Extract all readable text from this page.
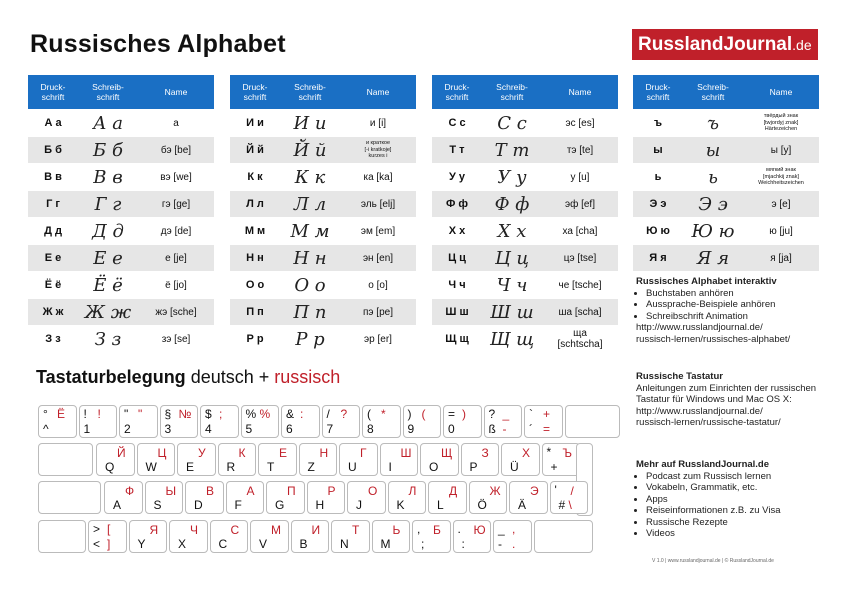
Russisches Alphabet	RusslandJournal.de
Druck-
schrift	Schreib-
schrift	Name
А а	А а	а
Б б	Б б	бэ [be]
В в	В в	вэ [we]
Г г	Г г	гэ [ge]
Д д	Д д	дэ [de]
Е е	Е е	е [je]
Ё ё	Ё ё	ё [jo]
Ж ж	Ж ж	жэ [sche]
З з	З з	зэ [se]
Druck-
schrift	Schreib-
schrift	Name
И и	И и	и [i]
Й й	Й й	и краткое
[-i kratkoje]
kurzes i
К к	К к	ка [ka]
Л л	Л л	эль [elj]
М м	М м	эм [em]
Н н	Н н	эн [en]
О о	О о	о [o]
П п	П п	пэ [pe]
Р р	Р р	эр [er]
Druck-
schrift	Schreib-
schrift	Name
С с	С с	эс [es]
Т т	Т т	тэ [te]
У у	У у	у [u]
Ф ф	Ф ф	эф [ef]
Х х	Х х	ха [cha]
Ц ц	Ц ц	цэ [tse]
Ч ч	Ч ч	че [tsche]
Ш ш	Ш ш	ша [scha]
Щ щ	Щ щ	ща
[schtscha]
Druck-
schrift	Schreib-
schrift	Name
ъ	ъ	твёрдый знак
[twjordyj znak]
Härtezeichen
ы	ы	ы [y]
ь	ь	мягкий знак
[mjachkij znak]
Weichheitszeichen
Э э	Э э	э [e]
Ю ю	Ю ю	ю [ju]
Я я	Я я	я [ja]
Russisches Alphabet interaktiv
• Buchstaben anhören
• Aussprache-Beispiele anhören
• Schreibschrift Animation
http://www.russlandjournal.de/
russisch-lernen/russisches-alphabet/
Russische Tastatur
Anleitungen zum Einrichten der russischen Tastatur für Windows und Mac OS X:
http://www.russlandjournal.de/
russisch-lernen/russische-tastatur/
Mehr auf RusslandJournal.de
• Podcast zum Russisch lernen
• Vokabeln, Grammatik, etc.
• Apps
• Reiseinformationen z.B. zu Visa
• Russische Rezepte
• Videos
V 1.0 | www.russlandjournal.de | © RusslandJournal.de
Tastaturbelegung deutsch + russisch
° Ё
^
! !
1
" "
2
§ №
3
$ ;
4
% %
5
& :
6
/ ?
7
( *
8
) (
9
= )
0
? _
ß -
` +
´ =
Q
Й
W
Ц
E
У
R
К
T
Е
Z
Н
U
Г
I
Ш
O
Щ
P
З
Ü
Х
+
Ъ
*
A
Ф
S
Ы
D
В
F
А
G
П
H
Р
J
О
K
Л
L
Д
Ö
Ж
Ä
Э
#
/
'
\
> [
< ] Y
Я
X
Ч
C
С
V
М
B
И
N
Т
M
Ь
;
Б
,
:
Ю
.	_ ,
- .
